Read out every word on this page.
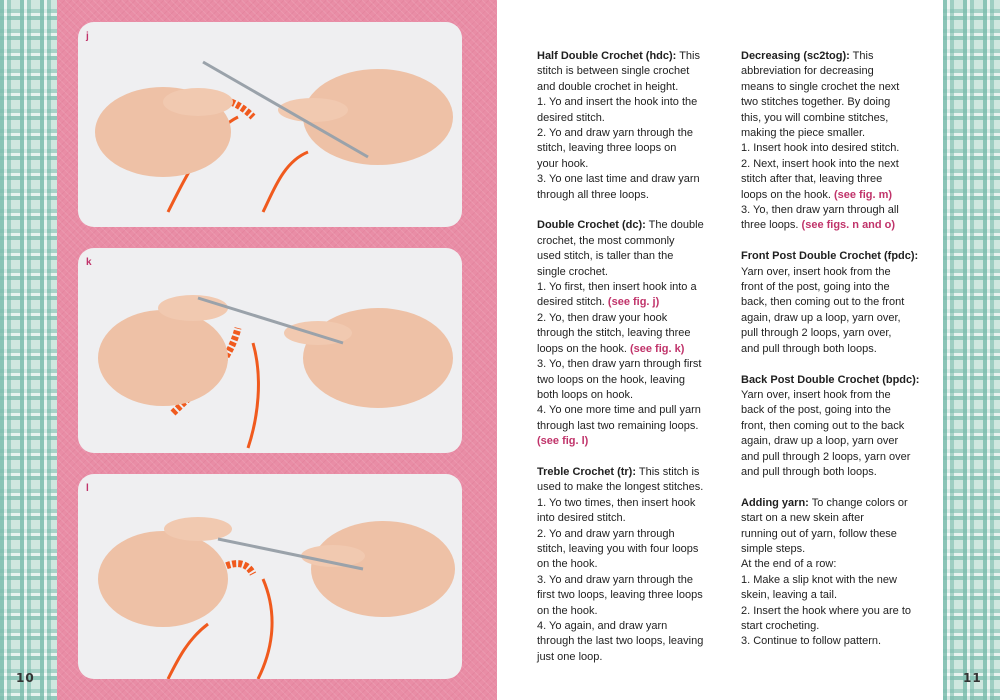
j
k
l
10	11

Half Double Crochet (hdc): This
stitch is between single crochet
and double crochet in height.
1. Yo and insert the hook into the
desired stitch.
2. Yo and draw yarn through the
stitch, leaving three loops on
your hook.
3. Yo one last time and draw yarn
through all three loops.

Double Crochet (dc): The double
crochet, the most commonly
used stitch, is taller than the
single crochet.
1. Yo first, then insert hook into a
desired stitch. (see fig. j)
2. Yo, then draw your hook
through the stitch, leaving three
loops on the hook. (see fig. k)
3. Yo, then draw yarn through first
two loops on the hook, leaving
both loops on hook.
4. Yo one more time and pull yarn
through last two remaining loops.
(see fig. l)

Treble Crochet (tr): This stitch is
used to make the longest stitches.
1. Yo two times, then insert hook
into desired stitch.
2. Yo and draw yarn through
stitch, leaving you with four loops
on the hook.
3. Yo and draw yarn through the
first two loops, leaving three loops
on the hook.
4. Yo again, and draw yarn
through the last two loops, leaving
just one loop.

Decreasing (sc2tog): This
abbreviation for decreasing
means to single crochet the next
two stitches together. By doing
this, you will combine stitches,
making the piece smaller.
1. Insert hook into desired stitch.
2. Next, insert hook into the next
stitch after that, leaving three
loops on the hook. (see fig. m)
3. Yo, then draw yarn through all
three loops. (see figs. n and o)

Front Post Double Crochet (fpdc):
Yarn over, insert hook from the
front of the post, going into the
back, then coming out to the front
again, draw up a loop, yarn over,
pull through 2 loops, yarn over,
and pull through both loops.

Back Post Double Crochet (bpdc):
Yarn over, insert hook from the
back of the post, going into the
front, then coming out to the back
again, draw up a loop, yarn over
and pull through 2 loops, yarn over
and pull through both loops.

Adding yarn: To change colors or
start on a new skein after
running out of yarn, follow these
simple steps.
At the end of a row:
1. Make a slip knot with the new
skein, leaving a tail.
2. Insert the hook where you are to
start crocheting.
3. Continue to follow pattern.
